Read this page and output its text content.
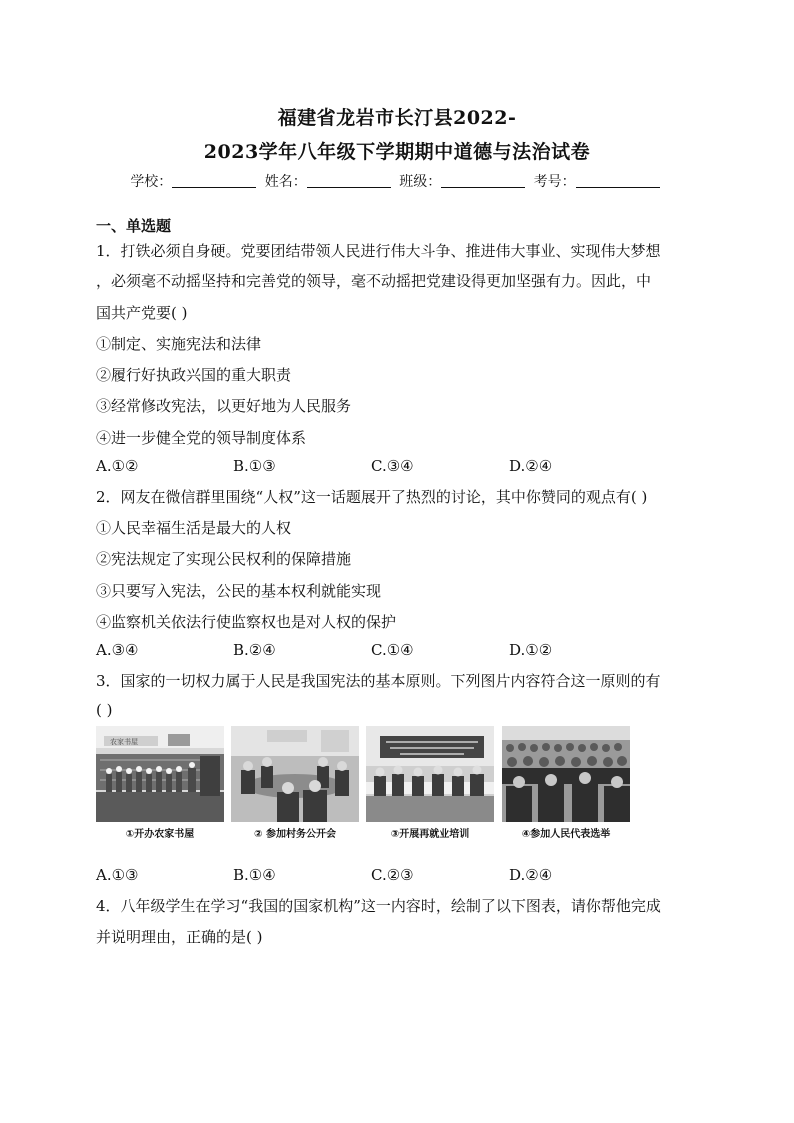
福建省龙岩市长汀县2022-
2023学年八年级下学期期中道德与法治试卷
学校：	姓名：	班级：	考号：
一、单选题
1．打铁必须自身硬。党要团结带领人民进行伟大斗争、推进伟大事业、实现伟大梦想
，必须毫不动摇坚持和完善党的领导，毫不动摇把党建设得更加坚强有力。因此，中
国共产党要( )
①制定、实施宪法和法律
②履行好执政兴国的重大职责
③经常修改宪法，以更好地为人民服务
④进一步健全党的领导制度体系
A.①②	B.①③	C.③④	D.②④
2．网友在微信群里围绕“人权”这一话题展开了热烈的讨论，其中你赞同的观点有( )
①人民幸福生活是最大的人权
②宪法规定了实现公民权利的保障措施
③只要写入宪法，公民的基本权利就能实现
④监察机关依法行使监察权也是对人权的保护
A.③④	B.②④	C.①④	D.①②
3．国家的一切权力属于人民是我国宪法的基本原则。下列图片内容符合这一原则的有
( )
农家书屋
①开办农家书屋	② 参加村务公开会	③开展再就业培训	④参加人民代表选举
A.①③	B.①④	C.②③	D.②④
4．八年级学生在学习“我国的国家机构”这一内容时，绘制了以下图表，请你帮他完成
并说明理由，正确的是( )
